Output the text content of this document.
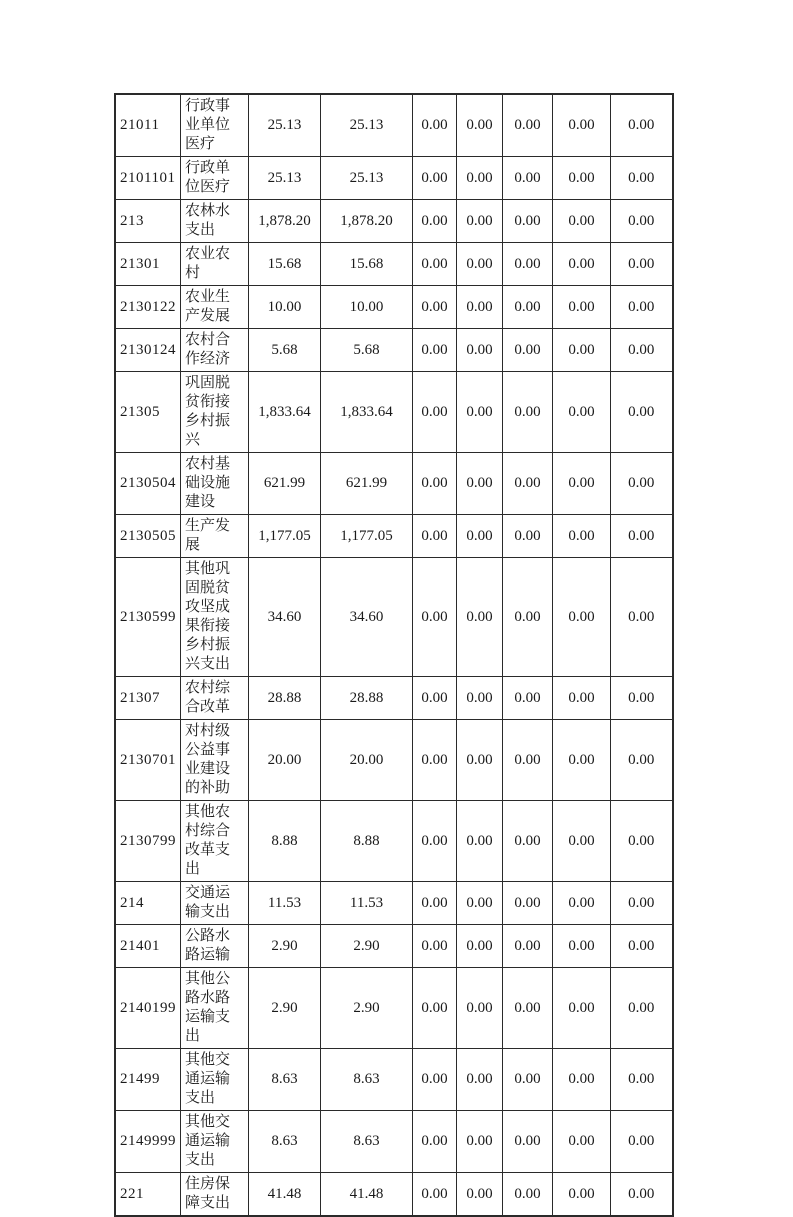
21011	行政事业单位医疗	25.13	25.13	0.00	0.00	0.00	0.00	0.00
2101101	行政单位医疗	25.13	25.13	0.00	0.00	0.00	0.00	0.00
213	农林水支出	1,878.20	1,878.20	0.00	0.00	0.00	0.00	0.00
21301	农业农村	15.68	15.68	0.00	0.00	0.00	0.00	0.00
2130122	农业生产发展	10.00	10.00	0.00	0.00	0.00	0.00	0.00
2130124	农村合作经济	5.68	5.68	0.00	0.00	0.00	0.00	0.00
21305	巩固脱贫衔接乡村振兴	1,833.64	1,833.64	0.00	0.00	0.00	0.00	0.00
2130504	农村基础设施建设	621.99	621.99	0.00	0.00	0.00	0.00	0.00
2130505	生产发展	1,177.05	1,177.05	0.00	0.00	0.00	0.00	0.00
2130599	其他巩固脱贫攻坚成果衔接乡村振兴支出	34.60	34.60	0.00	0.00	0.00	0.00	0.00
21307	农村综合改革	28.88	28.88	0.00	0.00	0.00	0.00	0.00
2130701	对村级公益事业建设的补助	20.00	20.00	0.00	0.00	0.00	0.00	0.00
2130799	其他农村综合改革支出	8.88	8.88	0.00	0.00	0.00	0.00	0.00
214	交通运输支出	11.53	11.53	0.00	0.00	0.00	0.00	0.00
21401	公路水路运输	2.90	2.90	0.00	0.00	0.00	0.00	0.00
2140199	其他公路水路运输支出	2.90	2.90	0.00	0.00	0.00	0.00	0.00
21499	其他交通运输支出	8.63	8.63	0.00	0.00	0.00	0.00	0.00
2149999	其他交通运输支出	8.63	8.63	0.00	0.00	0.00	0.00	0.00
221	住房保障支出	41.48	41.48	0.00	0.00	0.00	0.00	0.00
